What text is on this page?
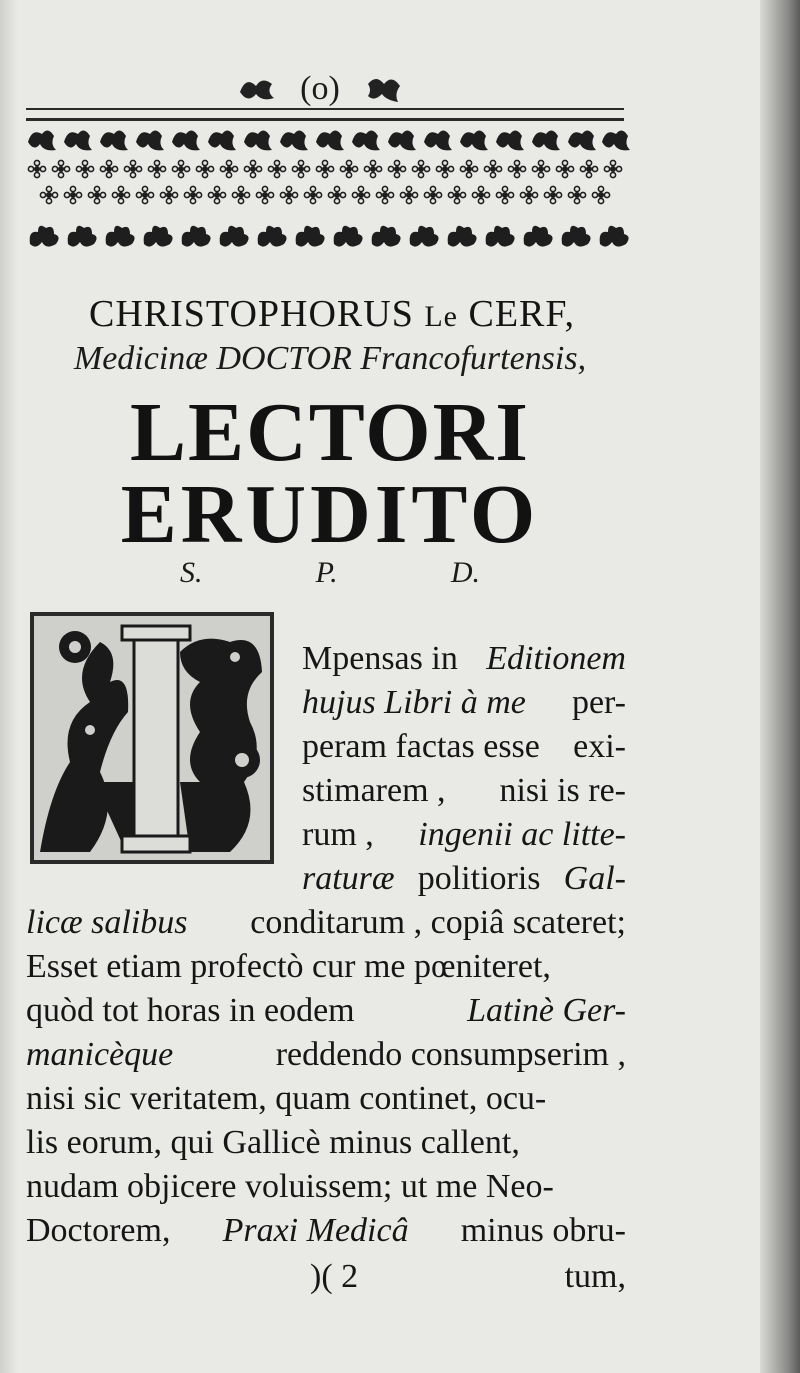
(o)
CHRISTOPHORUS Le CERF,
Medicinæ DOCTOR Francofurtensis,
LECTORI
ERUDITO
S.	P.	D.
Mpensas in Editionem
hujus Libri à me per-
peram factas esse exi-
stimarem , nisi is re-
rum , ingenii ac litte-
raturæ politioris Gal-
licæ salibus conditarum , copiâ scateret;
Esset etiam profectò cur me pœniteret,
quòd tot horas in eodem	Latinè Ger-
manicèque	reddendo consumpserim ,
nisi sic veritatem, quam continet, ocu-
lis eorum, qui Gallicè minus callent,
nudam objicere voluissem; ut me Neo-
Doctorem, Praxi Medicâ minus obru-
)( 2	tum,
